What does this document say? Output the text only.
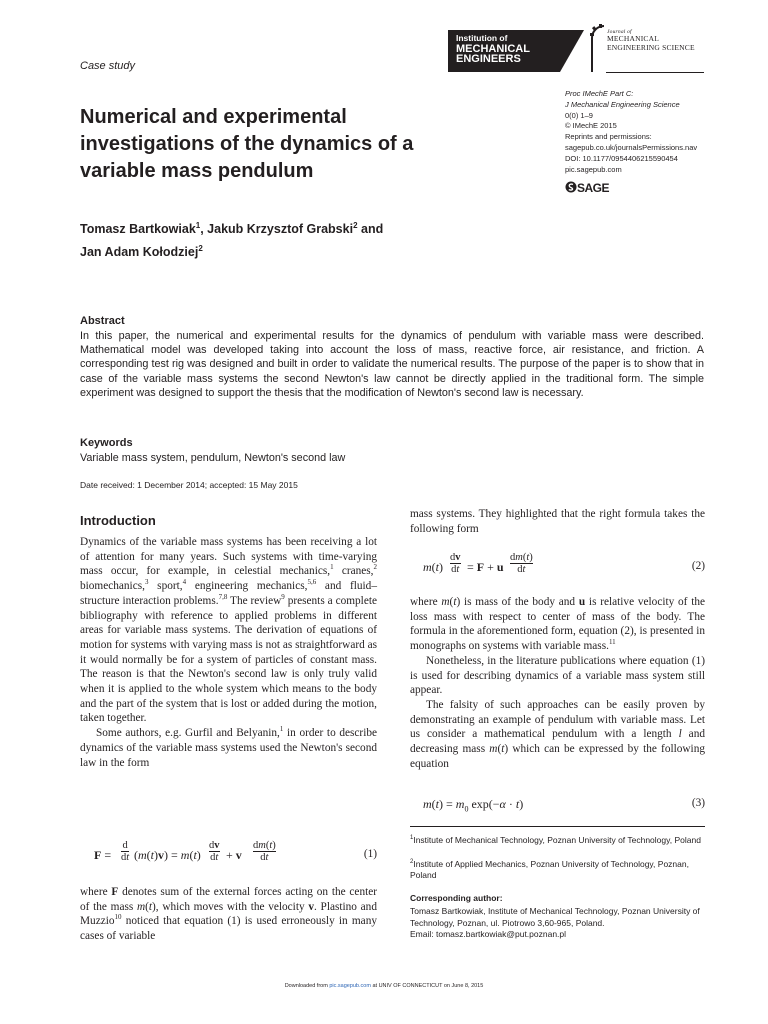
Case study
Institution of
MECHANICAL
ENGINEERS
Journal of
MECHANICAL
ENGINEERING SCIENCE
Numerical and experimental investigations of the dynamics of a variable mass pendulum
Proc IMechE Part C:
J Mechanical Engineering Science
0(0) 1–9
© IMechE 2015
Reprints and permissions:
sagepub.co.uk/journalsPermissions.nav
DOI: 10.1177/0954406215590454
pic.sagepub.com
SAGE
Tomasz Bartkowiak$^1$, Jakub Krzysztof Grabski$^2$ and
Jan Adam Kołodziej$^2$
Abstract
In this paper, the numerical and experimental results for the dynamics of pendulum with variable mass were described. Mathematical model was developed taking into account the loss of mass, reactive force, air resistance, and friction. A corresponding test rig was designed and built in order to validate the numerical results. The purpose of the paper is to show that in case of the variable mass systems the second Newton's law cannot be directly applied in the traditional form. The simple experiment was designed to support the thesis that the modification of Newton's second law is necessary.
Keywords
Variable mass system, pendulum, Newton's second law
Date received: 1 December 2014; accepted: 15 May 2015
Introduction

Dynamics of the variable mass systems has been receiving a lot of attention for many years. Such systems with time-varying mass occur, for example, in celestial mechanics,$^1$ cranes,$^2$ biomechanics,$^3$ sport,$^4$ engineering mechanics,$^{5,6}$ and fluid–structure interaction problems.$^{7,8}$ The review$^9$ presents a complete bibliography with reference to applied problems in different areas for variable mass systems. The derivation of equations of motion for systems with varying mass is not as straightforward as it would normally be for a system of particles of constant mass. The reason is that the Newton's second law is only truly valid when it is applied to the whole system which means to the body and the part of the system that is lost or added during the motion, taken together.

Some authors, e.g. Gurfil and Belyanin,$^1$ in order to describe dynamics of the variable mass systems used the Newton's second law in the form

$F = \frac{d}{dt} (m(t)v) = m(t) \frac{dv}{dt} + v \frac{dm(t)}{dt}$	(1)

where F denotes sum of the external forces acting on the center of the mass m(t), which moves with the velocity v. Plastino and Muzzio$^{10}$ noticed that equation (1) is used erroneously in many cases of variable

mass systems. They highlighted that the right formula takes the following form

$m(t) \frac{dv}{dt} = F + u \frac{dm(t)}{dt}$	(2)

where m(t) is mass of the body and u is relative velocity of the loss mass with respect to center of mass of the body. The formula in the aforementioned form, equation (2), is presented in monographs on systems with variable mass.$^{11}$

Nonetheless, in the literature publications where equation (1) is used for describing dynamics of a variable mass system still appear.

The falsity of such approaches can be easily proven by demonstrating an example of pendulum with variable mass. Let us consider a mathematical pendulum with a length l and decreasing mass m(t) which can be expressed by the following equation

$m(t) = m_0$ exp(−α · t)	(3)
$^1$Institute of Mechanical Technology, Poznan University of Technology, Poland
$^2$Institute of Applied Mechanics, Poznan University of Technology, Poznan, Poland
Corresponding author:
Tomasz Bartkowiak, Institute of Mechanical Technology, Poznan University of Technology, Poznan, ul. Piotrowo 3,60-965, Poland.
Email: tomasz.bartkowiak@put.poznan.pl
Downloaded from pic.sagepub.com at UNIV OF CONNECTICUT on June 8, 2015
